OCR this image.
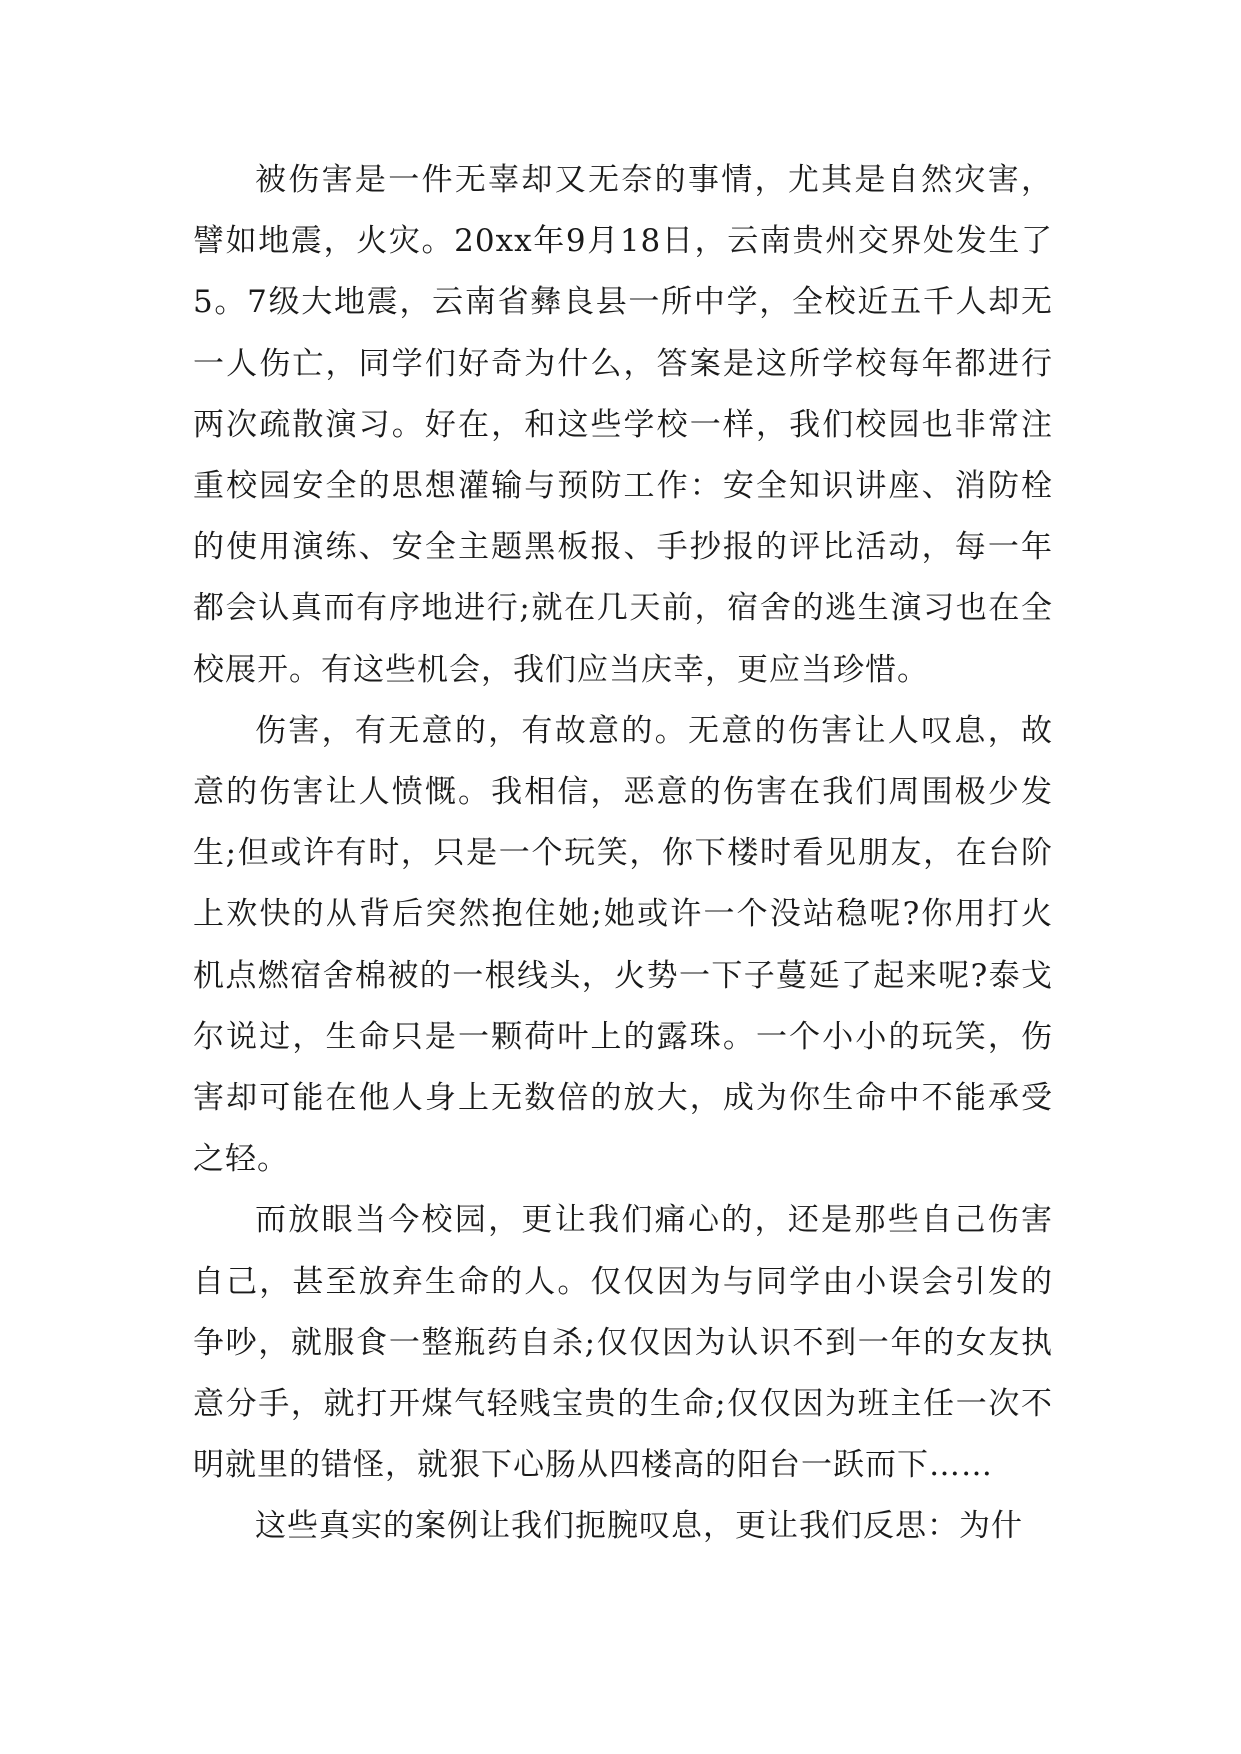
被伤害是一件无辜却又无奈的事情，尤其是自然灾害，譬如地震，火灾。20xx年9月18日，云南贵州交界处发生了5。7级大地震，云南省彝良县一所中学，全校近五千人却无一人伤亡，同学们好奇为什么，答案是这所学校每年都进行两次疏散演习。好在，和这些学校一样，我们校园也非常注重校园安全的思想灌输与预防工作：安全知识讲座、消防栓的使用演练、安全主题黑板报、手抄报的评比活动，每一年都会认真而有序地进行;就在几天前，宿舍的逃生演习也在全校展开。有这些机会，我们应当庆幸，更应当珍惜。

伤害，有无意的，有故意的。无意的伤害让人叹息，故意的伤害让人愤慨。我相信，恶意的伤害在我们周围极少发生;但或许有时，只是一个玩笑，你下楼时看见朋友，在台阶上欢快的从背后突然抱住她;她或许一个没站稳呢?你用打火机点燃宿舍棉被的一根线头，火势一下子蔓延了起来呢?泰戈尔说过，生命只是一颗荷叶上的露珠。一个小小的玩笑，伤害却可能在他人身上无数倍的放大，成为你生命中不能承受之轻。

而放眼当今校园，更让我们痛心的，还是那些自己伤害自己，甚至放弃生命的人。仅仅因为与同学由小误会引发的争吵，就服食一整瓶药自杀;仅仅因为认识不到一年的女友执意分手，就打开煤气轻贱宝贵的生命;仅仅因为班主任一次不明就里的错怪，就狠下心肠从四楼高的阳台一跃而下……

这些真实的案例让我们扼腕叹息，更让我们反思：为什
